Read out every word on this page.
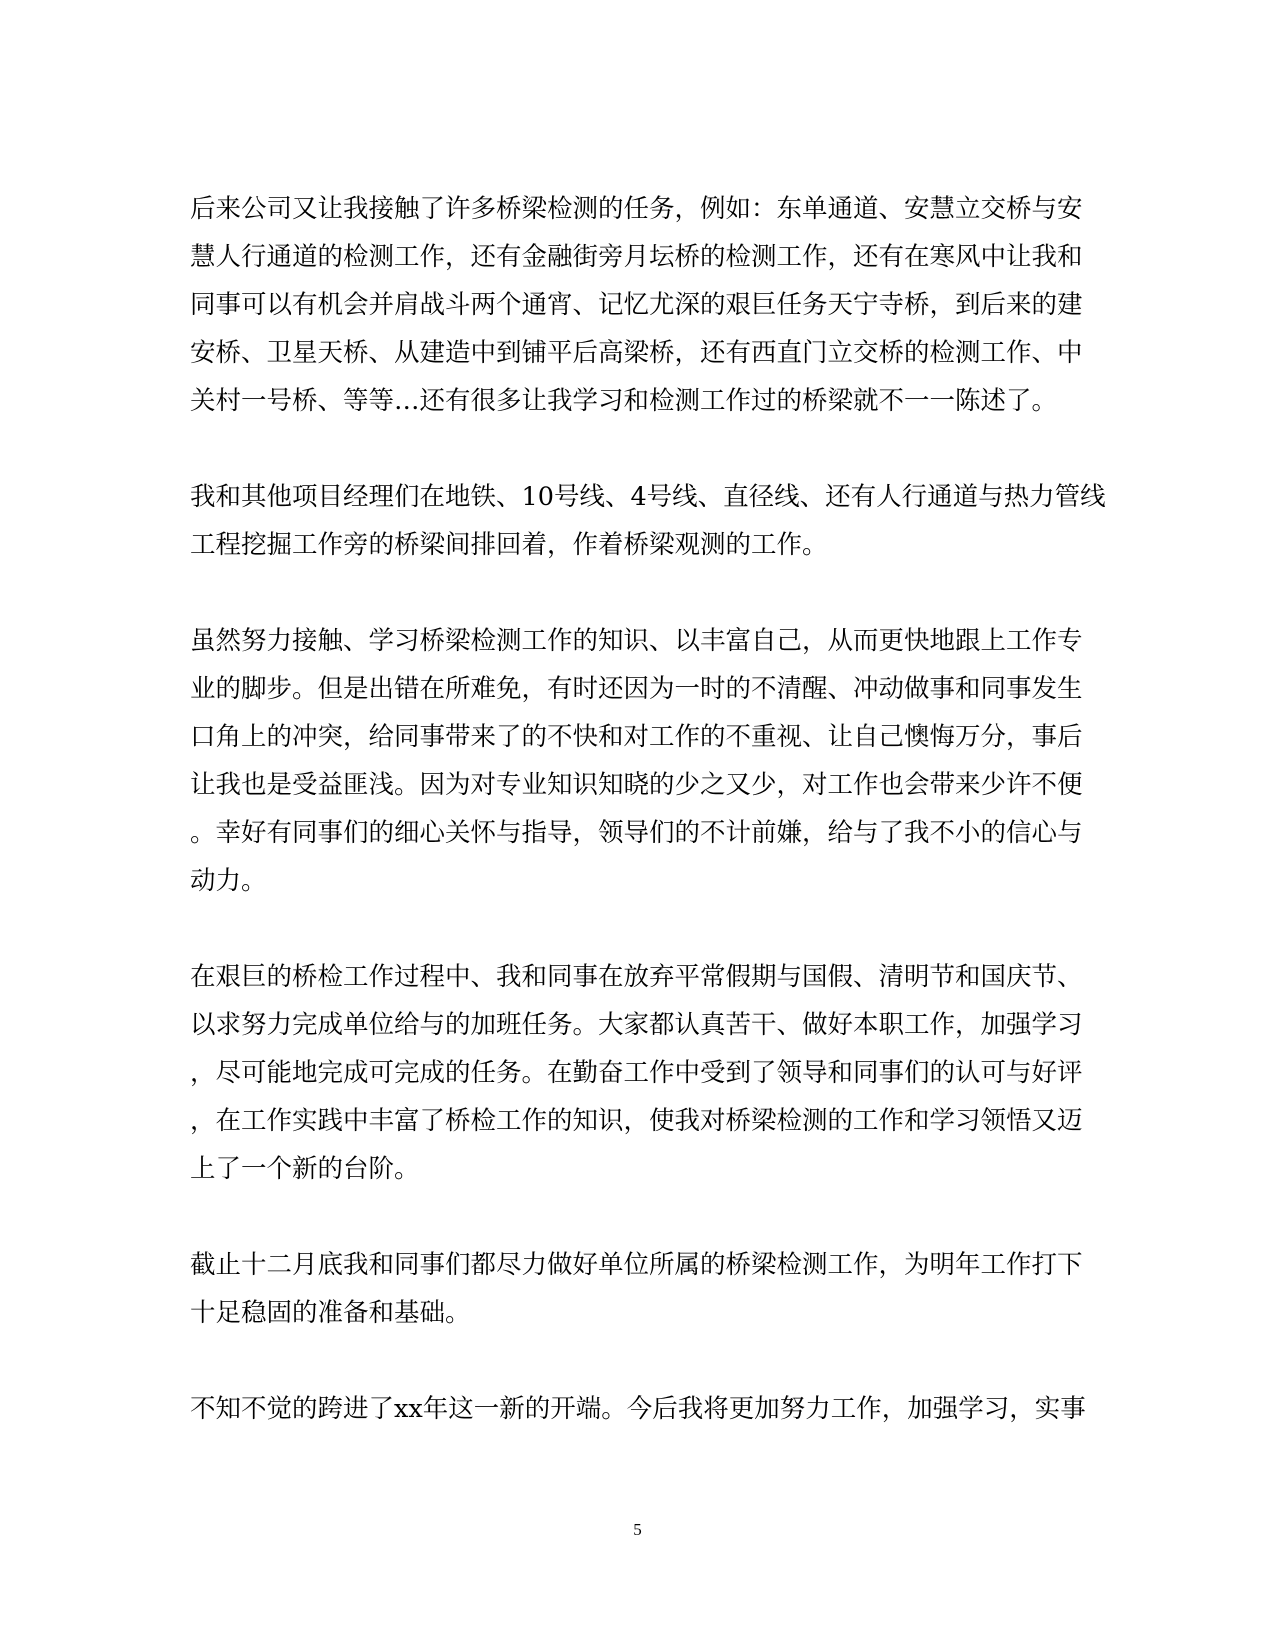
后来公司又让我接触了许多桥梁检测的任务，例如：东单通道、安慧立交桥与安
慧人行通道的检测工作，还有金融街旁月坛桥的检测工作，还有在寒风中让我和
同事可以有机会并肩战斗两个通宵、记忆尤深的艰巨任务天宁寺桥，到后来的建
安桥、卫星天桥、从建造中到铺平后高梁桥，还有西直门立交桥的检测工作、中
关村一号桥、等等…还有很多让我学习和检测工作过的桥梁就不一一陈述了。
我和其他项目经理们在地铁、10号线、4号线、直径线、还有人行通道与热力管线
工程挖掘工作旁的桥梁间排回着，作着桥梁观测的工作。
虽然努力接触、学习桥梁检测工作的知识、以丰富自己，从而更快地跟上工作专
业的脚步。但是出错在所难免，有时还因为一时的不清醒、冲动做事和同事发生
口角上的冲突，给同事带来了的不快和对工作的不重视、让自己懊悔万分，事后
让我也是受益匪浅。因为对专业知识知晓的少之又少，对工作也会带来少许不便
。幸好有同事们的细心关怀与指导，领导们的不计前嫌，给与了我不小的信心与
动力。
在艰巨的桥检工作过程中、我和同事在放弃平常假期与国假、清明节和国庆节、
以求努力完成单位给与的加班任务。大家都认真苦干、做好本职工作，加强学习
，尽可能地完成可完成的任务。在勤奋工作中受到了领导和同事们的认可与好评
，在工作实践中丰富了桥检工作的知识，使我对桥梁检测的工作和学习领悟又迈
上了一个新的台阶。
截止十二月底我和同事们都尽力做好单位所属的桥梁检测工作，为明年工作打下
十足稳固的准备和基础。
不知不觉的跨进了xx年这一新的开端。今后我将更加努力工作，加强学习，实事
5
